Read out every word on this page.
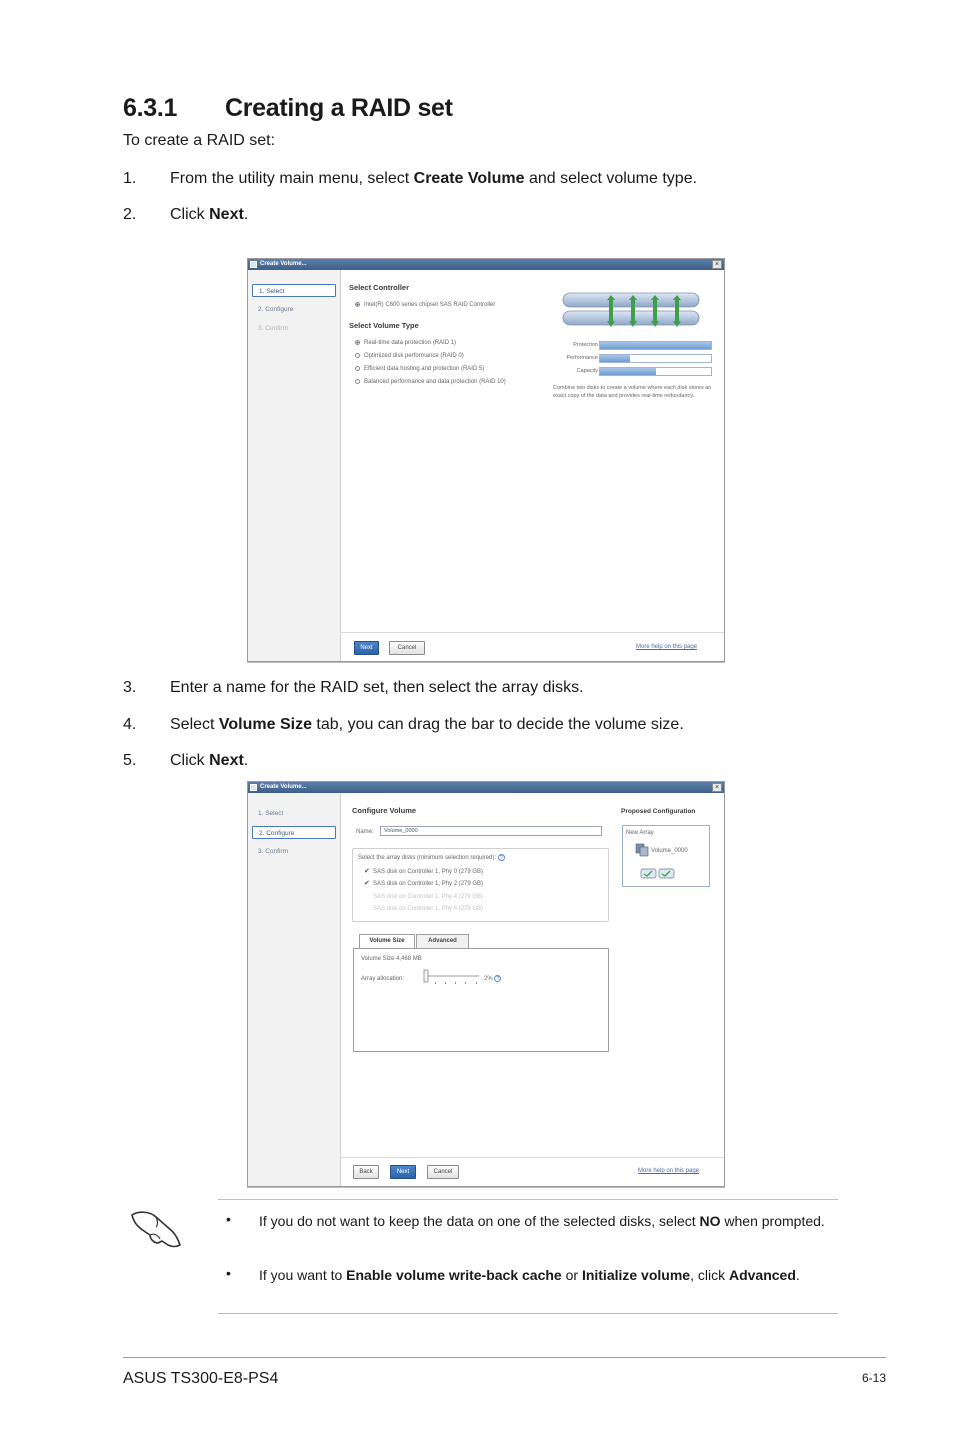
6.3.1 Creating a RAID set
To create a RAID set:
1. From the utility main menu, select Create Volume and select volume type.
2. Click Next.
Create Volume...	×
1. Select
2. Configure
3. Confirm
Select Controller
Intel(R) C600 series chipset SAS RAID Controller
Select Volume Type
Real-time data protection (RAID 1)
Optimized disk performance (RAID 0)
Efficient data hosting and protection (RAID 5)
Balanced performance and data protection (RAID 10)
Protection
Performance
Capacity
Combine two disks to create a volume where each disk stores an exact copy of the data and provides real-time redundancy.
Next	Cancel	More help on this page
3. Enter a name for the RAID set, then select the array disks.
4. Select Volume Size tab, you can drag the bar to decide the volume size.
5. Click Next.
Create Volume...	×
1. Select
2. Configure
3. Confirm
Configure Volume
Name:	Volume_0000
Select the array disks (minimum selection required): ?
✔ SAS disk on Controller 1, Phy 0 (279 GB)
✔ SAS disk on Controller 1, Phy 2 (279 GB)
SAS disk on Controller 1, Phy 4 (279 GB)
SAS disk on Controller 1, Phy 6 (279 GB)
Volume Size	Advanced
Volume Size 4,468 MB
Array allocation:	2% ?
Proposed Configuration
New Array
Volume_0000
Back	Next	Cancel	More help on this page
• If you do not want to keep the data on one of the selected disks, select NO when prompted.
• If you want to Enable volume write-back cache or Initialize volume, click Advanced.
ASUS TS300-E8-PS4	6-13
